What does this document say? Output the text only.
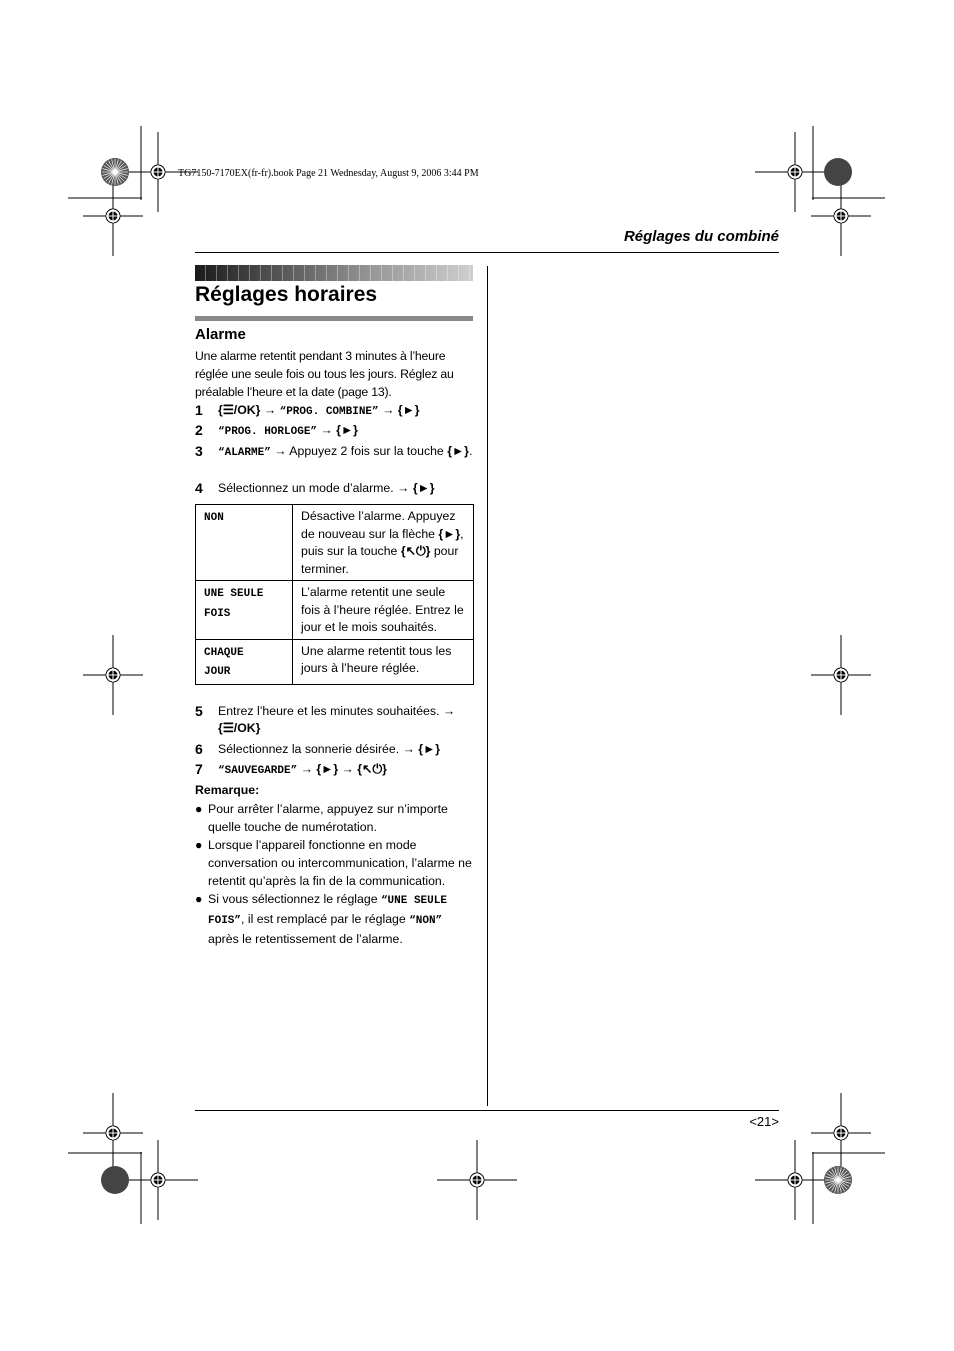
TG7150-7170EX(fr-fr).book Page 21 Wednesday, August 9, 2006 3:44 PM
Réglages du combiné
Réglages horaires
Alarme
Une alarme retentit pendant 3 minutes à l’heure réglée une seule fois ou tous les jours. Réglez au préalable l’heure et la date (page 13).
1 {☰/OK} → “PROG. COMBINE” → {►}
2 “PROG. HORLOGE” → {►}
3 “ALARME” → Appuyez 2 fois sur la touche {►}.
4 Sélectionnez un mode d’alarme. → {►}
NON	Désactive l’alarme. Appuyez de nouveau sur la flèche {►}, puis sur la touche {↖⏻} pour terminer.
UNE SEULE
FOIS	L’alarme retentit une seule fois à l’heure réglée. Entrez le jour et le mois souhaités.
CHAQUE
JOUR	Une alarme retentit tous les jours à l’heure réglée.
5 Entrez l’heure et les minutes souhaitées. →
{☰/OK}
6 Sélectionnez la sonnerie désirée. → {►}
7 “SAUVEGARDE” → {►} → {↖⏻}
Remarque:
● Pour arrêter l’alarme, appuyez sur n’importe quelle touche de numérotation.
● Lorsque l’appareil fonctionne en mode conversation ou intercommunication, l’alarme ne retentit qu’après la fin de la communication.
● Si vous sélectionnez le réglage “UNE SEULE FOIS”, il est remplacé par le réglage “NON” après le retentissement de l’alarme.
<21>
